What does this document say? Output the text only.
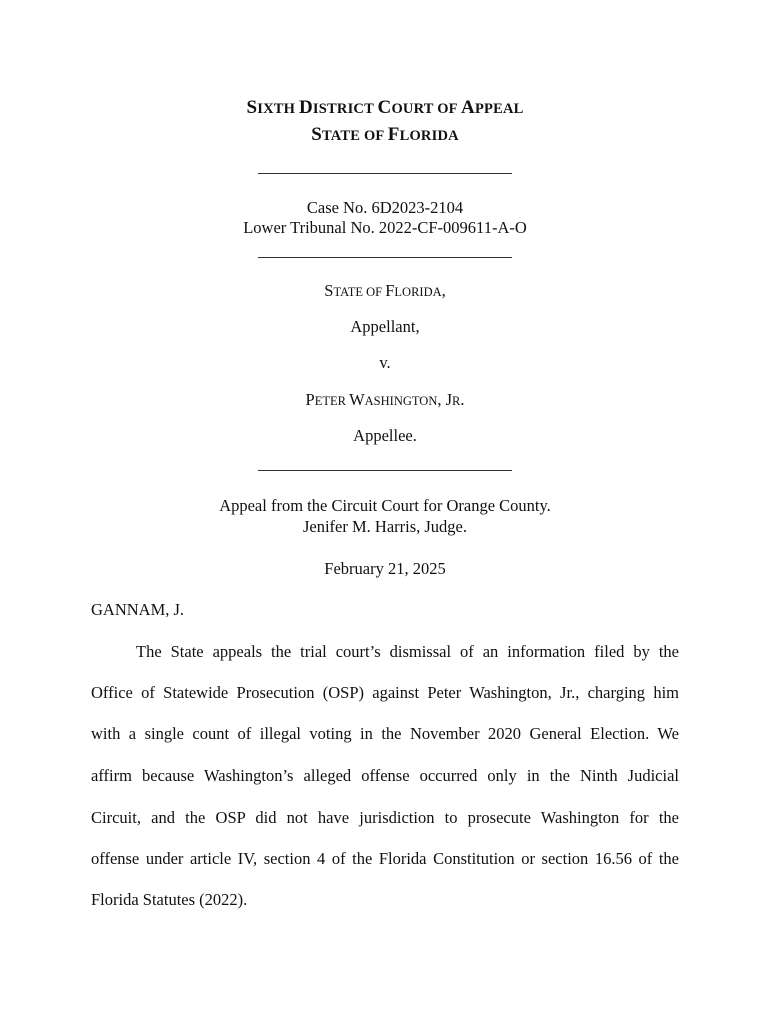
SIXTH DISTRICT COURT OF APPEAL
STATE OF FLORIDA
Case No. 6D2023-2104
Lower Tribunal No. 2022-CF-009611-A-O
STATE OF FLORIDA,
Appellant,
v.
PETER WASHINGTON, JR.
Appellee.
Appeal from the Circuit Court for Orange County.
Jenifer M. Harris, Judge.
February 21, 2025
GANNAM, J.
The State appeals the trial court’s dismissal of an information filed by the
Office of Statewide Prosecution (OSP) against Peter Washington, Jr., charging him
with a single count of illegal voting in the November 2020 General Election. We
affirm because Washington’s alleged offense occurred only in the Ninth Judicial
Circuit, and the OSP did not have jurisdiction to prosecute Washington for the
offense under article IV, section 4 of the Florida Constitution or section 16.56 of the
Florida Statutes (2022).
